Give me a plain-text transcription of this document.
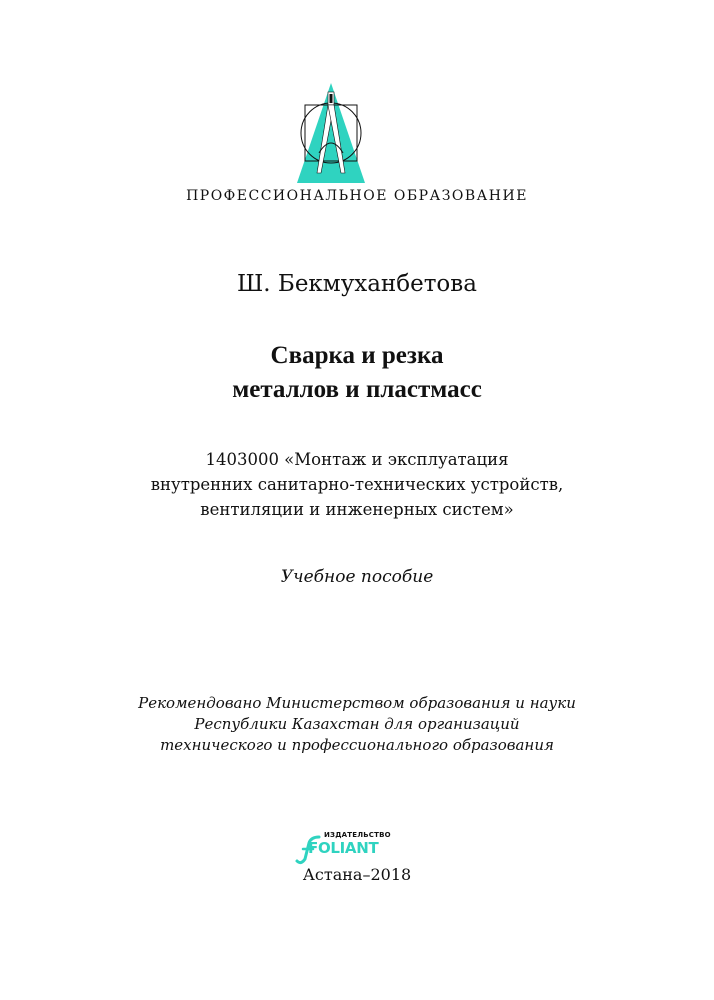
ПРОФЕССИОНАЛЬНОЕ ОБРАЗОВАНИЕ
Ш. Бекмуханбетова
Сварка и резка
металлов и пластмасс
1403000 «Монтаж и эксплуатация
внутренних санитарно-технических устройств,
вентиляции и инженерных систем»
Учебное пособие
Рекомендовано Министерством образования и науки
Республики Казахстан для организаций
технического и профессионального образования
ИЗДАТЕЛЬСТВО
FOLIANT
Астана–2018
